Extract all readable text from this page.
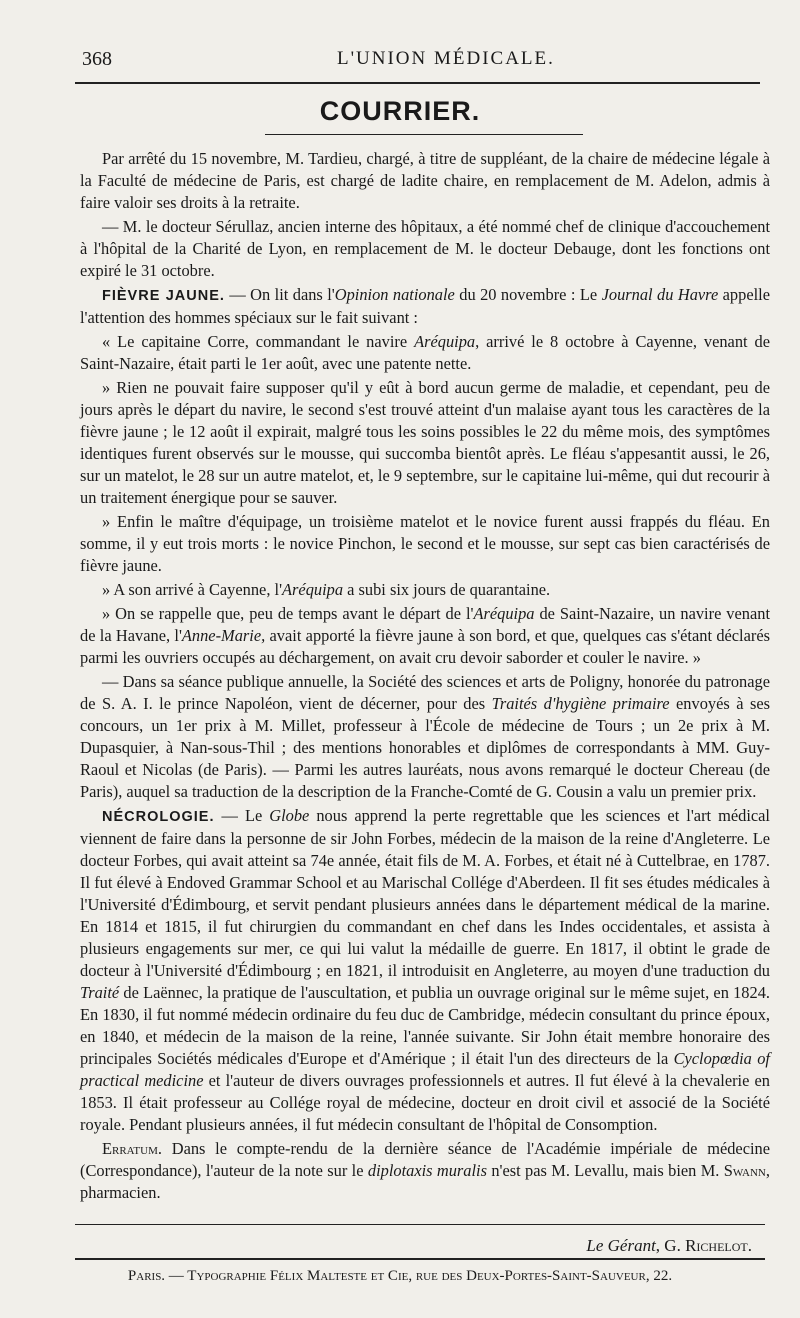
368	L'UNION MÉDICALE.
COURRIER.

Par arrêté du 15 novembre, M. Tardieu, chargé, à titre de suppléant, de la chaire de médecine légale à la Faculté de médecine de Paris, est chargé de ladite chaire, en remplacement de M. Adelon, admis à faire valoir ses droits à la retraite.

— M. le docteur Sérullaz, ancien interne des hôpitaux, a été nommé chef de clinique d'accouchement à l'hôpital de la Charité de Lyon, en remplacement de M. le docteur Debauge, dont les fonctions ont expiré le 31 octobre.

FIÈVRE JAUNE. — On lit dans l'Opinion nationale du 20 novembre : Le Journal du Havre appelle l'attention des hommes spéciaux sur le fait suivant :

« Le capitaine Corre, commandant le navire Aréquipa, arrivé le 8 octobre à Cayenne, venant de Saint-Nazaire, était parti le 1er août, avec une patente nette.

» Rien ne pouvait faire supposer qu'il y eût à bord aucun germe de maladie, et cependant, peu de jours après le départ du navire, le second s'est trouvé atteint d'un malaise ayant tous les caractères de la fièvre jaune ; le 12 août il expirait, malgré tous les soins possibles le 22 du même mois, des symptômes identiques furent observés sur le mousse, qui succomba bientôt après. Le fléau s'appesantit aussi, le 26, sur un matelot, le 28 sur un autre matelot, et, le 9 septembre, sur le capitaine lui-même, qui dut recourir à un traitement énergique pour se sauver.

» Enfin le maître d'équipage, un troisième matelot et le novice furent aussi frappés du fléau. En somme, il y eut trois morts : le novice Pinchon, le second et le mousse, sur sept cas bien caractérisés de fièvre jaune.

» A son arrivé à Cayenne, l'Aréquipa a subi six jours de quarantaine.

» On se rappelle que, peu de temps avant le départ de l'Aréquipa de Saint-Nazaire, un navire venant de la Havane, l'Anne-Marie, avait apporté la fièvre jaune à son bord, et que, quelques cas s'étant déclarés parmi les ouvriers occupés au déchargement, on avait cru devoir saborder et couler le navire. »

— Dans sa séance publique annuelle, la Société des sciences et arts de Poligny, honorée du patronage de S. A. I. le prince Napoléon, vient de décerner, pour des Traités d'hygiène primaire envoyés à ses concours, un 1er prix à M. Millet, professeur à l'École de médecine de Tours ; un 2e prix à M. Dupasquier, à Nan-sous-Thil ; des mentions honorables et diplômes de correspondants à MM. Guy-Raoul et Nicolas (de Paris). — Parmi les autres lauréats, nous avons remarqué le docteur Chereau (de Paris), auquel sa traduction de la description de la Franche-Comté de G. Cousin a valu un premier prix.

NÉCROLOGIE. — Le Globe nous apprend la perte regrettable que les sciences et l'art médical viennent de faire dans la personne de sir John Forbes, médecin de la maison de la reine d'Angleterre. Le docteur Forbes, qui avait atteint sa 74e année, était fils de M. A. Forbes, et était né à Cuttelbrae, en 1787. Il fut élevé à Endoved Grammar School et au Marischal Collége d'Aberdeen. Il fit ses études médicales à l'Université d'Édimbourg, et servit pendant plusieurs années dans le département médical de la marine. En 1814 et 1815, il fut chirurgien du commandant en chef dans les Indes occidentales, et assista à plusieurs engagements sur mer, ce qui lui valut la médaille de guerre. En 1817, il obtint le grade de docteur à l'Université d'Édimbourg ; en 1821, il introduisit en Angleterre, au moyen d'une traduction du Traité de Laënnec, la pratique de l'auscultation, et publia un ouvrage original sur le même sujet, en 1824. En 1830, il fut nommé médecin ordinaire du feu duc de Cambridge, médecin consultant du prince époux, en 1840, et médecin de la maison de la reine, l'année suivante. Sir John était membre honoraire des principales Sociétés médicales d'Europe et d'Amérique ; il était l'un des directeurs de la Cyclopœdia of practical medicine et l'auteur de divers ouvrages professionnels et autres. Il fut élevé à la chevalerie en 1853. Il était professeur au Collége royal de médecine, docteur en droit civil et associé de la Société royale. Pendant plusieurs années, il fut médecin consultant de l'hôpital de Consomption.

Erratum. Dans le compte-rendu de la dernière séance de l'Académie impériale de médecine (Correspondance), l'auteur de la note sur le diplotaxis muralis n'est pas M. Levallu, mais bien M. Swann, pharmacien.

Le Gérant, G. Richelot.
Paris. — Typographie Félix Malteste et Cie, rue des Deux-Portes-Saint-Sauveur, 22.
